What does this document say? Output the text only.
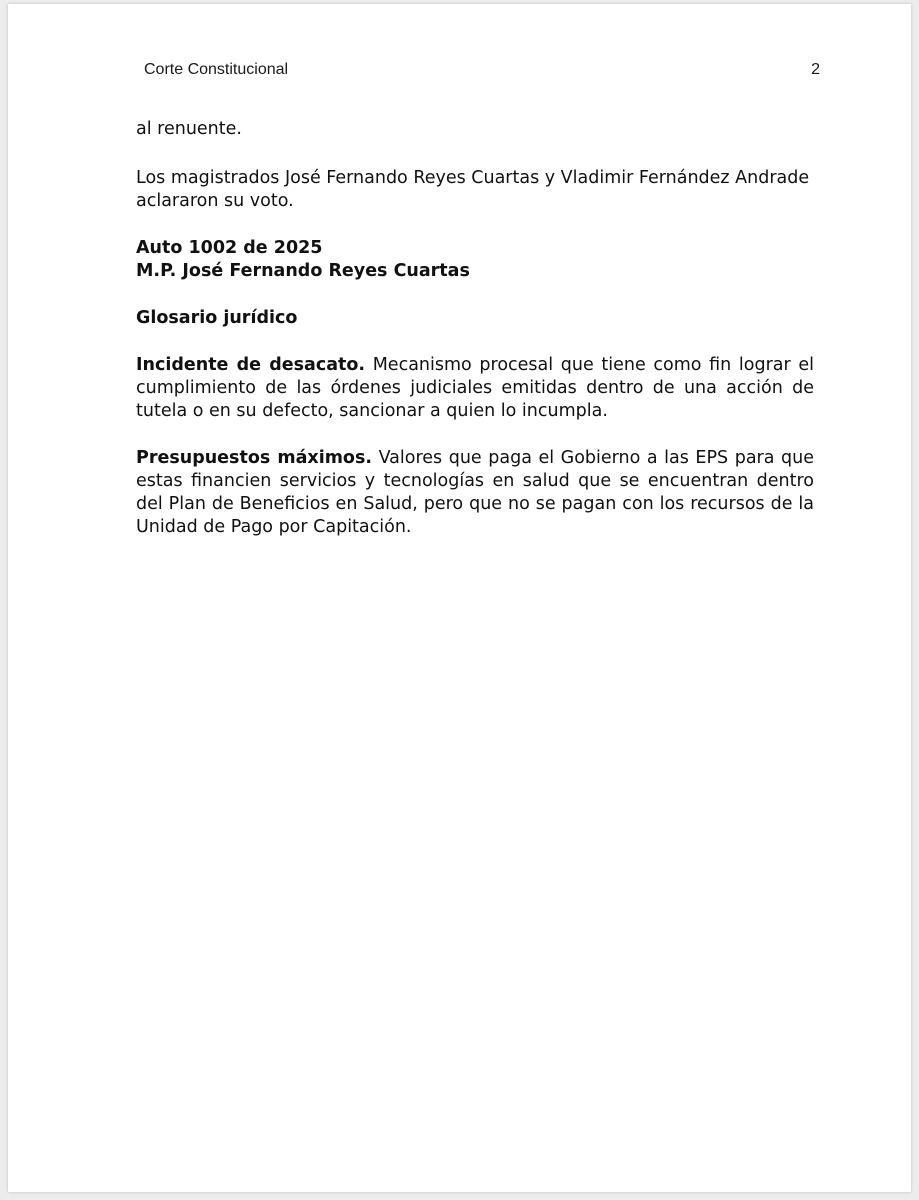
Corte Constitucional	2

al renuente.

Los magistrados José Fernando Reyes Cuartas y Vladimir Fernández Andrade aclararon su voto.

Auto 1002 de 2025

M.P. José Fernando Reyes Cuartas

Glosario jurídico

Incidente de desacato. Mecanismo procesal que tiene como fin lograr el cumplimiento de las órdenes judiciales emitidas dentro de una acción de tutela o en su defecto, sancionar a quien lo incumpla.

Presupuestos máximos. Valores que paga el Gobierno a las EPS para que estas financien servicios y tecnologías en salud que se encuentran dentro del Plan de Beneficios en Salud, pero que no se pagan con los recursos de la Unidad de Pago por Capitación.
